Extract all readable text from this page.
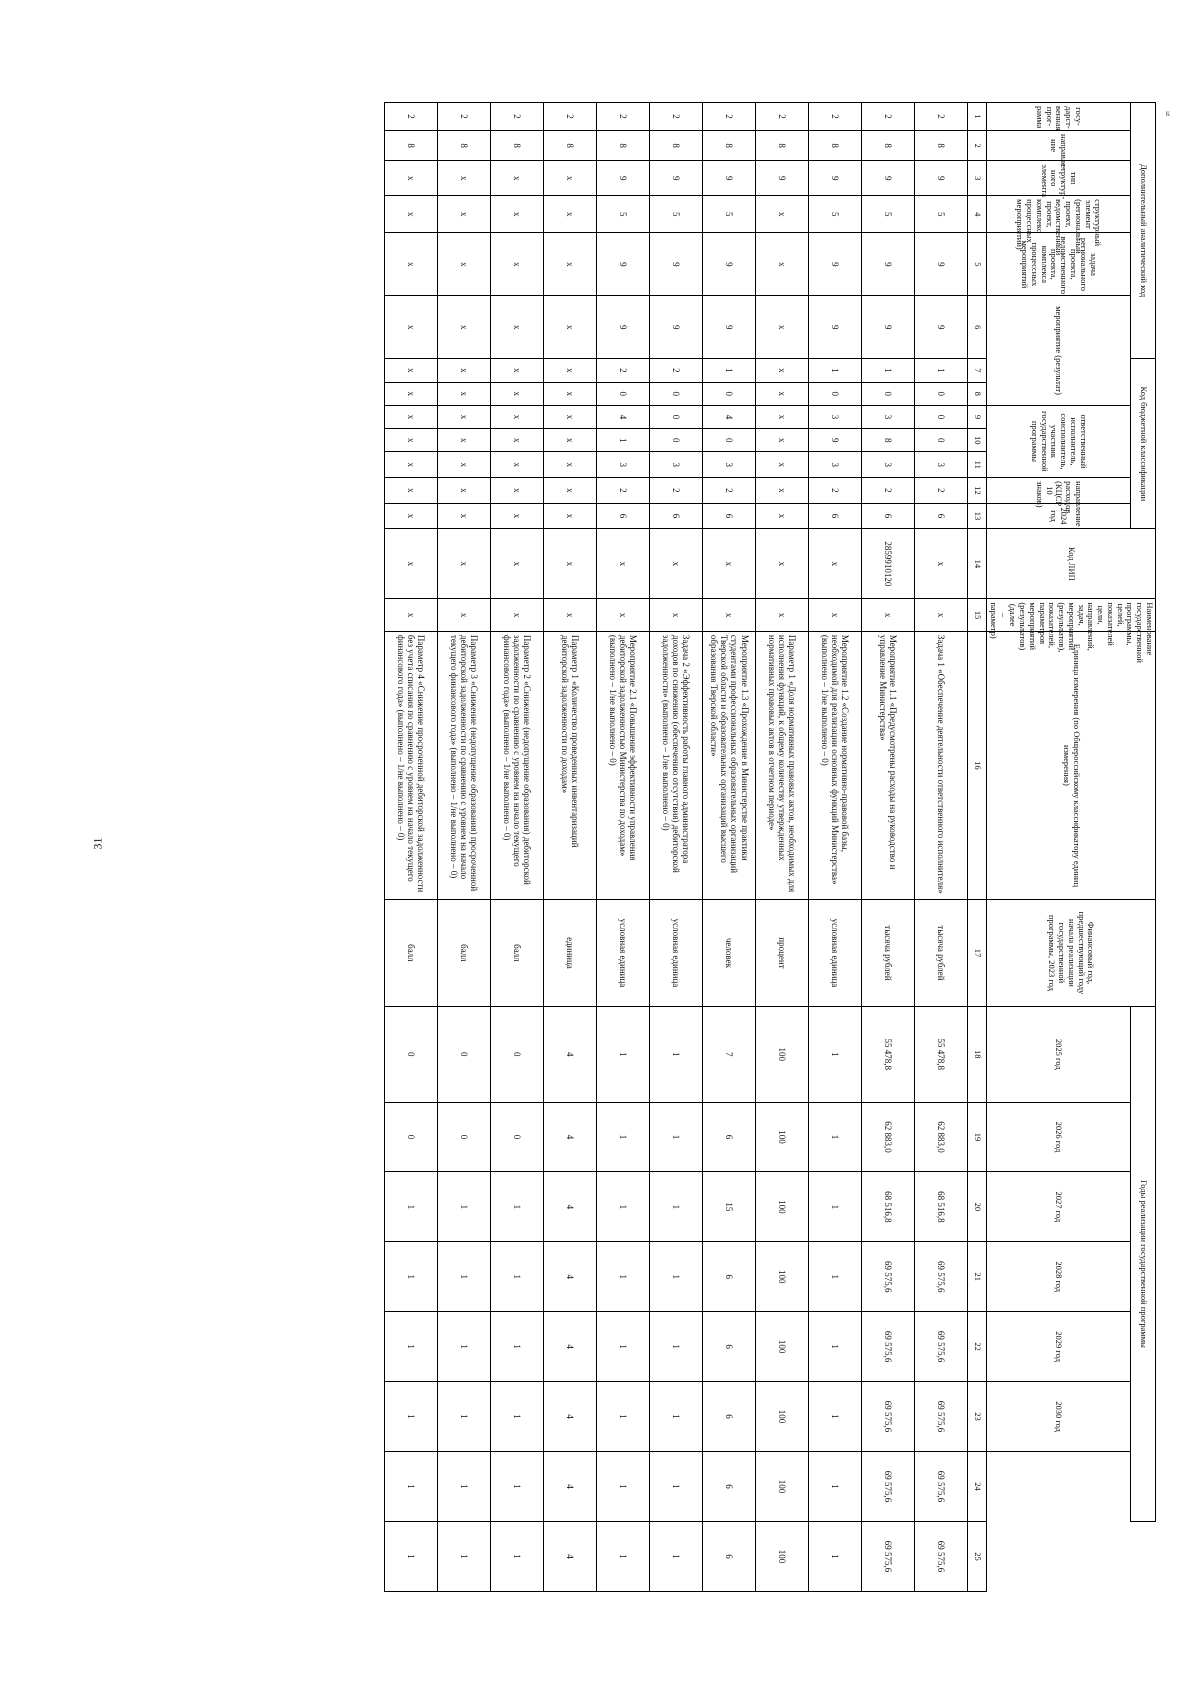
31
к
Дополнительный аналитический код						Код бюджетной классификации							Код ЛИП	Наименование государственной программы, целей, показателей цели, направлений, задач, мероприятий (результатов), показателей, параметров мероприятий (результатов) (далее – параметр)	Единица измерения (по Общероссийскому классификатору единиц измерения)	Финансовый год, предшествующий году начала реализации государственной программы, 2023 год	Годы реализации государственной программы							
госу-дарст-венная прог-рамма	направле-ние	тип структур-ного элемента	структурный элемент (региональный проект, ведомственный проект, комплекс процессных мероприятий)	задача регионального проекта, ведомственного проекта, комплекса процессных мероприятий	мероприятие (результат)			ответственный исполнитель, соисполнитель, участник государственной программы			направление расходов (КЦСР 10 знаков)	2024 год					2025 год	2026 год	2027 год	2028 год	2029 год	2030 год		

1	2	3	4	5	6	7	8	9	10	11	12	13	14	15	16	17	18	19	20	21	22	23	24	25
2	8	9	5	9	9	1	0	0	0	3	2	6	х	х	Задача 1 «Обеспечение деятельности ответственного исполнителя»	тысяча рублей	55 478,8	62 883,0	68 516,8	69 575,6	69 575,6	69 575,6	69 575,6	69 575,6
2	8	9	5	9	9	1	0	3	8	3	2	6	2859910120	х	Мероприятие 1.1 «Предусмотрены расходы на руководство и управление Министерства»	тысяча рублей	55 478,8	62 883,0	68 516,8	69 575,6	69 575,6	69 575,6	69 575,6	69 575,6
2	8	9	5	9	9	1	0	3	9	3	2	6	х	х	Мероприятие 1.2 «Создание нормативно-правовой базы, необходимой для реализации основных функций Министерства» (выполнено – 1/не выполнено – 0)	условная единица	1	1	1	1	1	1	1	1
2	8	9	х	х	х	х	х	х	х	х	х	х	х	х	Параметр 1 «Доля нормативных правовых актов, необходимых для исполнения функций, к общему количеству утвержденных нормативных правовых актов в отчетном периоде»	процент	100	100	100	100	100	100	100	100
2	8	9	5	9	9	1	0	4	0	3	2	6	х	х	Мероприятие 1.3 «Прохождение в Министерстве практики студентами профессиональных образовательных организаций Тверской области и образовательных организаций высшего образования Тверской области»	человек	7	6	15	6	6	6	6	6
2	8	9	5	9	9	2	0	0	0	3	2	6	х	х	Задача 2 «Эффективность работы главного администратора доходов по снижению (обеспечению отсутствия) дебиторской задолженности» (выполнено – 1/не выполнено – 0)	условная единица	1	1	1	1	1	1	1	1
2	8	9	5	9	9	2	0	4	1	3	2	6	х	х	Мероприятие 2.1 «Повышение эффективности управления дебиторской задолженностью Министерства по доходам» (выполнено – 1/не выполнено – 0)	условная единица	1	1	1	1	1	1	1	1
2	8	х	х	х	х	х	х	х	х	х	х	х	х	х	Параметр 1 «Количество проведенных инвентаризаций дебиторской задолженности по доходам»	единица	4	4	4	4	4	4	4	4
2	8	х	х	х	х	х	х	х	х	х	х	х	х	х	Параметр 2 «Снижение (недопущение образования) дебиторской задолженности по сравнению с уровнем на начало текущего финансового года» (выполнено – 1/не выполнено – 0)	балл	0	0	1	1	1	1	1	1
2	8	х	х	х	х	х	х	х	х	х	х	х	х	х	Параметр 3 «Снижение (недопущение образования) просроченной дебиторской задолженности по сравнению с уровнем на начало текущего финансового года» (выполнено – 1/не выполнено – 0)	балл	0	0	1	1	1	1	1	1
2	8	х	х	х	х	х	х	х	х	х	х	х	х	х	Параметр 4 «Снижение просроченной дебиторской задолженности без учета списания по сравнению с уровнем на начало текущего финансового года» (выполнено – 1/не выполнено – 0)	балл	0	0	1	1	1	1	1	1
